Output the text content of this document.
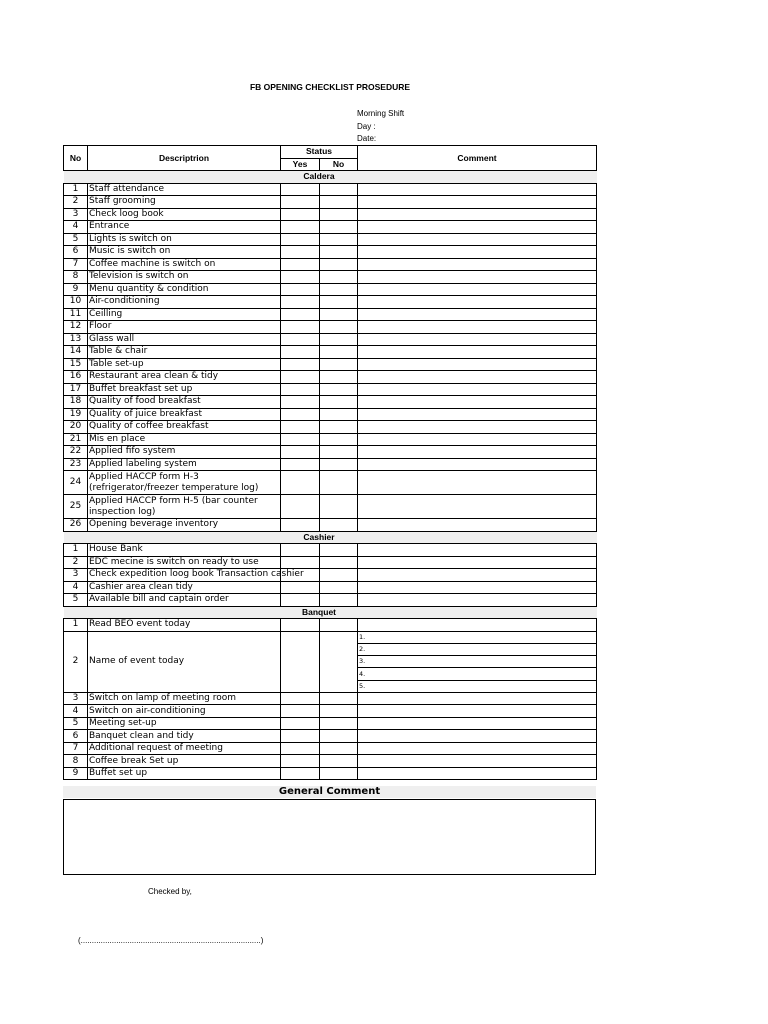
FB OPENING CHECKLIST PROSEDURE
Morning Shift
Day :
Date:
No	Descriptrion	Status		Comment
		Yes	No	
		Caldera		
1	Staff attendance			
2	Staff grooming			
3	Check loog book			
4	Entrance			
5	Lights is switch on			
6	Music is switch on			
7	Coffee machine is switch on			
8	Television is switch on			
9	Menu quantity & condition			
10	Air-conditioning			
11	Ceilling			
12	Floor			
13	Glass wall			
14	Table & chair			
15	Table set-up			
16	Restaurant area clean & tidy			
17	Buffet breakfast set up			
18	Quality of food breakfast			
19	Quality of juice breakfast			
20	Quality of coffee breakfast			
21	Mis en place			
22	Applied fifo system			
23	Applied labeling system			
24	Applied HACCP form H-3 (refrigerator/freezer temperature log)			
25	Applied HACCP form H-5 (bar counter inspection log)			
26	Opening beverage inventory			
		Cashier		
1	House Bank			
2	EDC mecine is switch on ready to use			
3	Check expedition loog book Transaction cashier			
4	Cashier area clean tidy			
5	Available bill and captain order			
		Banquet		
1	Read BEO event today			
2	Name of event today			1.
				2.
				3.
				4.
				5.
3	Switch on lamp of meeting room			
4	Switch on air-conditioning			
5	Meeting set-up			
6	Banquet clean and tidy			
7	Additional request of meeting			
8	Coffee break Set up			
9	Buffet set up			
General Comment
Checked by,
(.................................................................................)
